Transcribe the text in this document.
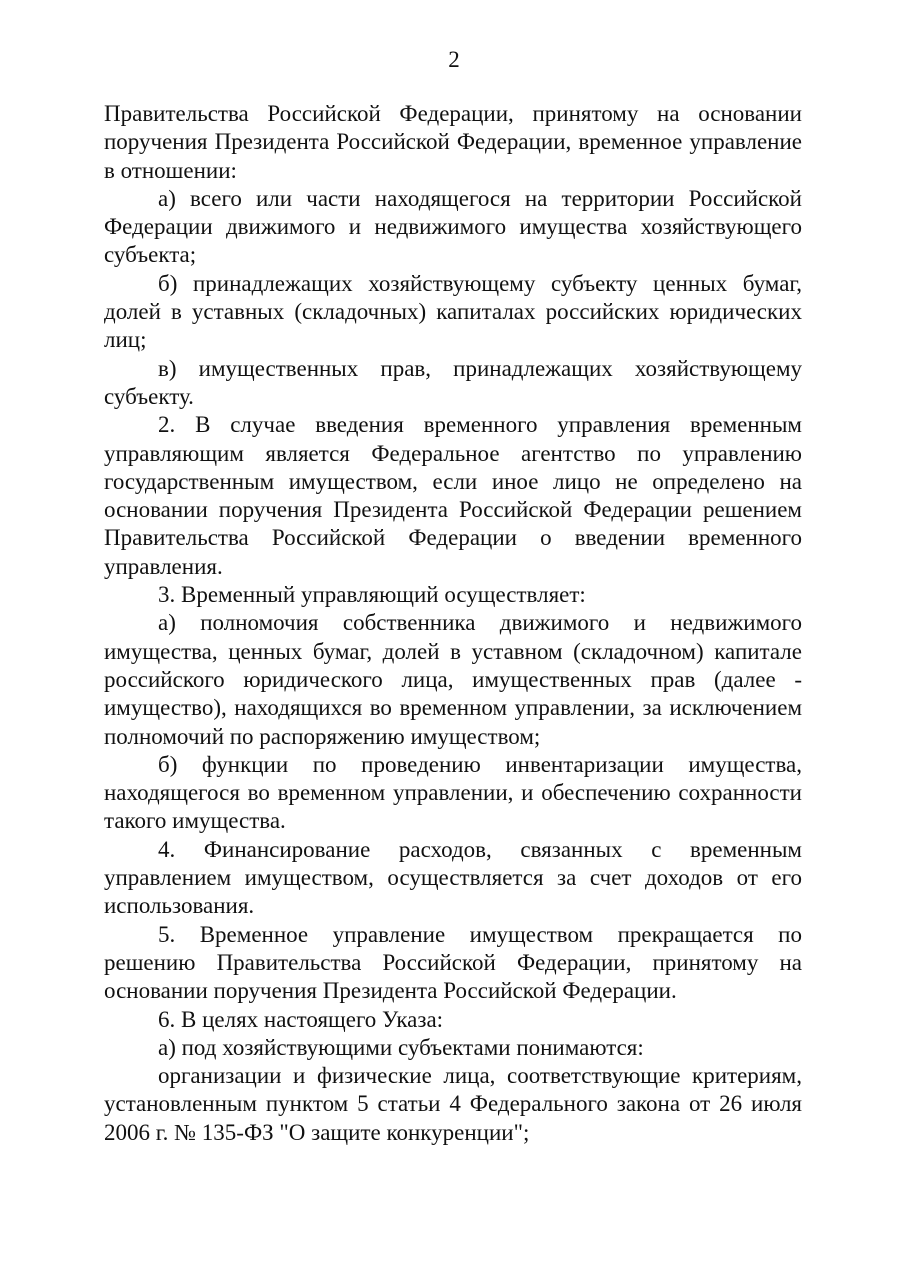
2

Правительства Российской Федерации, принятому на основании поручения Президента Российской Федерации, временное управление в отношении:

а) всего или части находящегося на территории Российской Федерации движимого и недвижимого имущества хозяйствующего субъекта;

б) принадлежащих хозяйствующему субъекту ценных бумаг, долей в уставных (складочных) капиталах российских юридических лиц;

в) имущественных прав, принадлежащих хозяйствующему субъекту.

2. В случае введения временного управления временным управляющим является Федеральное агентство по управлению государственным имуществом, если иное лицо не определено на основании поручения Президента Российской Федерации решением Правительства Российской Федерации о введении временного управления.

3. Временный управляющий осуществляет:

а) полномочия собственника движимого и недвижимого имущества, ценных бумаг, долей в уставном (складочном) капитале российского юридического лица, имущественных прав (далее - имущество), находящихся во временном управлении, за исключением полномочий по распоряжению имуществом;

б) функции по проведению инвентаризации имущества, находящегося во временном управлении, и обеспечению сохранности такого имущества.

4. Финансирование расходов, связанных с временным управлением имуществом, осуществляется за счет доходов от его использования.

5. Временное управление имуществом прекращается по решению Правительства Российской Федерации, принятому на основании поручения Президента Российской Федерации.

6. В целях настоящего Указа:

а) под хозяйствующими субъектами понимаются:

организации и физические лица, соответствующие критериям, установленным пунктом 5 статьи 4 Федерального закона от 26 июля 2006 г. № 135-ФЗ "О защите конкуренции";
